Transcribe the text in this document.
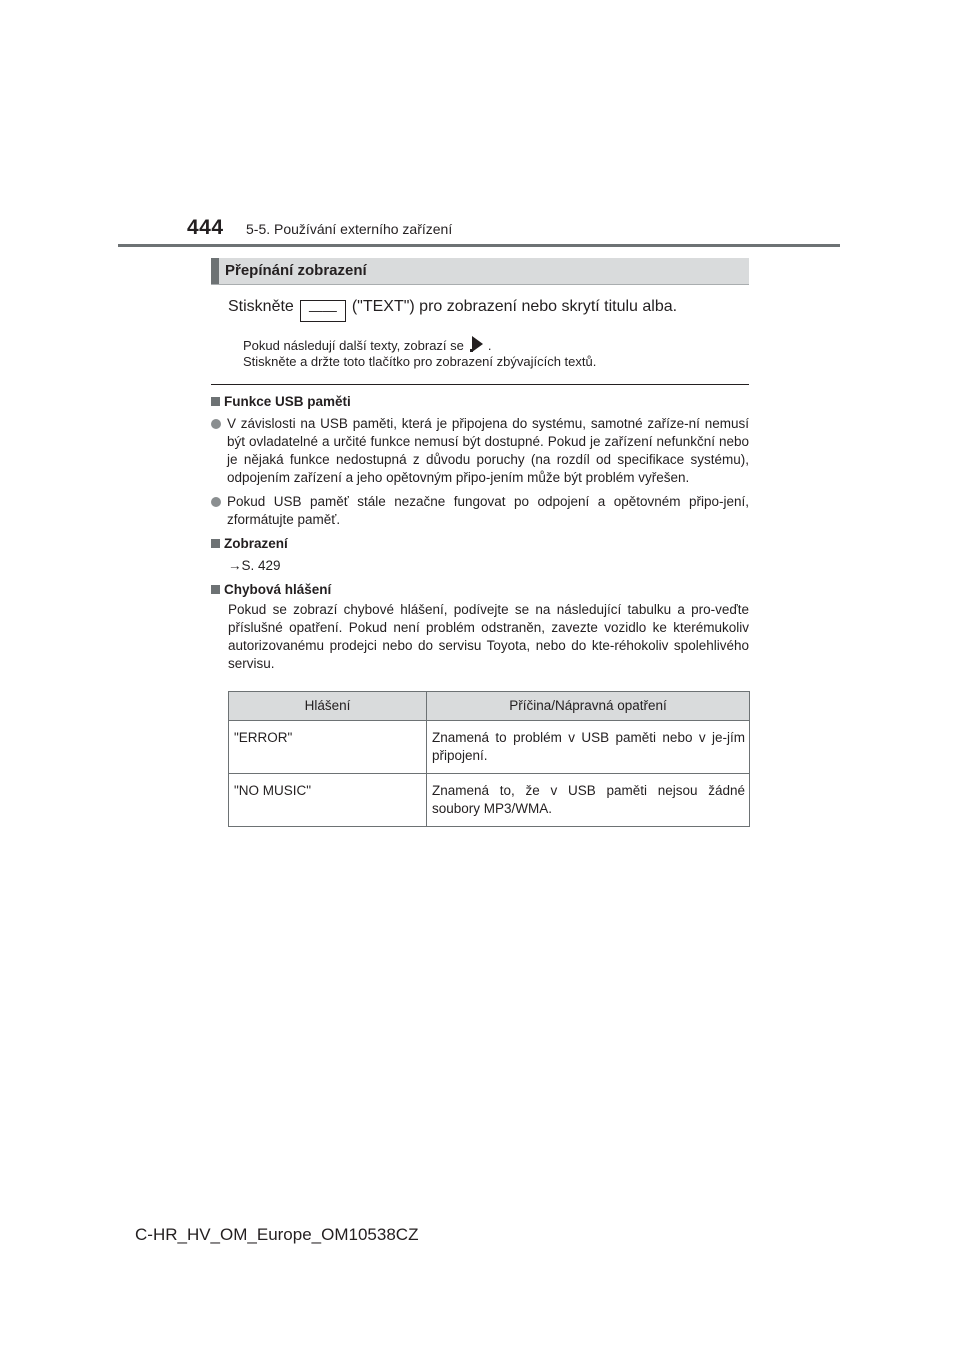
444 5-5. Používání externího zařízení
Přepínání zobrazení
Stiskněte —— ("TEXT") pro zobrazení nebo skrytí titulu alba.
Pokud následují další texty, zobrazí se .
Stiskněte a držte toto tlačítko pro zobrazení zbývajících textů.
Funkce USB paměti
V závislosti na USB paměti, která je připojena do systému, samotné zaříze-ní nemusí být ovladatelné a určité funkce nemusí být dostupné. Pokud je zařízení nefunkční nebo je nějaká funkce nedostupná z důvodu poruchy (na rozdíl od specifikace systému), odpojením zařízení a jeho opětovným připo-jením může být problém vyřešen.
Pokud USB paměť stále nezačne fungovat po odpojení a opětovném připo-jení, zformátujte paměť.
Zobrazení
→S. 429
Chybová hlášení
Pokud se zobrazí chybové hlášení, podívejte se na následující tabulku a pro-veďte příslušné opatření. Pokud není problém odstraněn, zavezte vozidlo ke kterémukoliv autorizovanému prodejci nebo do servisu Toyota, nebo do kte-réhokoliv spolehlivého servisu.
Hlášení	Příčina/Nápravná opatření
"ERROR"	Znamená to problém v USB paměti nebo v je-jím připojení.
"NO MUSIC"	Znamená to, že v USB paměti nejsou žádné soubory MP3/WMA.
C-HR_HV_OM_Europe_OM10538CZ
